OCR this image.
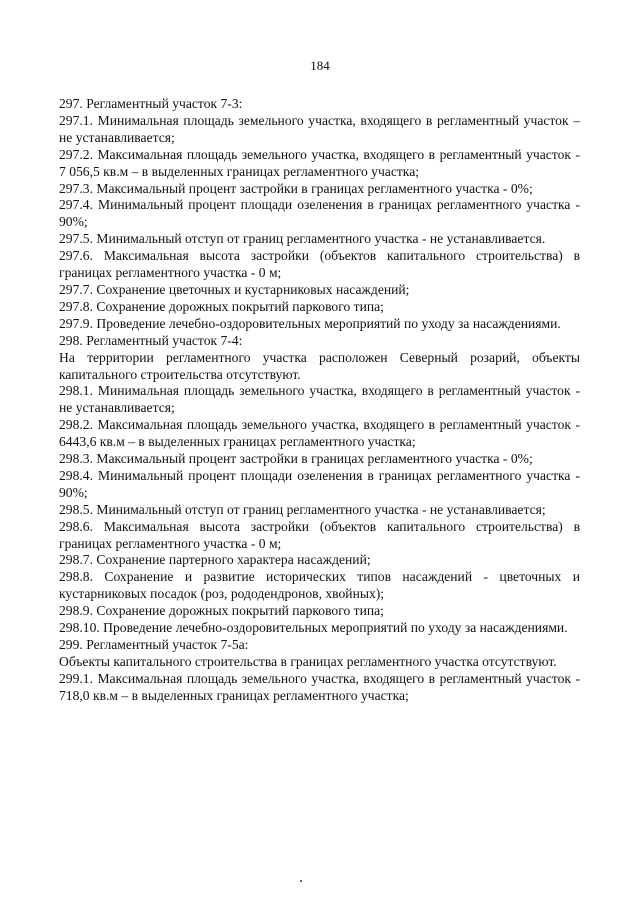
184

297. Регламентный участок 7-3:

297.1. Минимальная площадь земельного участка, входящего в регламентный участок – не устанавливается;

297.2. Максимальная площадь земельного участка, входящего в регламентный участок - 7 056,5 кв.м – в выделенных границах регламентного участка;

297.3. Максимальный процент застройки в границах регламентного участка - 0%;

297.4. Минимальный процент площади озеленения в границах регламентного участка - 90%;

297.5. Минимальный отступ от границ регламентного участка - не устанавливается.

297.6. Максимальная высота застройки (объектов капитального строительства) в границах регламентного участка - 0 м;

297.7. Сохранение цветочных и кустарниковых насаждений;

297.8. Сохранение дорожных покрытий паркового типа;

297.9. Проведение лечебно-оздоровительных мероприятий по уходу за насаждениями.

298. Регламентный участок 7-4:

На территории регламентного участка расположен Северный розарий, объекты капитального строительства отсутствуют.

298.1. Минимальная площадь земельного участка, входящего в регламентный участок - не устанавливается;

298.2. Максимальная площадь земельного участка, входящего в регламентный участок - 6443,6 кв.м – в выделенных границах регламентного участка;

298.3. Максимальный процент застройки в границах регламентного участка - 0%;

298.4. Минимальный процент площади озеленения в границах регламентного участка - 90%;

298.5. Минимальный отступ от границ регламентного участка - не устанавливается;

298.6. Максимальная высота застройки (объектов капитального строительства) в границах регламентного участка - 0 м;

298.7. Сохранение партерного характера насаждений;

298.8. Сохранение и развитие исторических типов насаждений - цветочных и кустарниковых посадок (роз, рододендронов, хвойных);

298.9. Сохранение дорожных покрытий паркового типа;

298.10. Проведение лечебно-оздоровительных мероприятий по уходу за насаждениями.

299. Регламентный участок 7-5а:

Объекты капитального строительства в границах регламентного участка отсутствуют.

299.1. Максимальная площадь земельного участка, входящего в регламентный участок - 718,0 кв.м – в выделенных границах регламентного участка;
